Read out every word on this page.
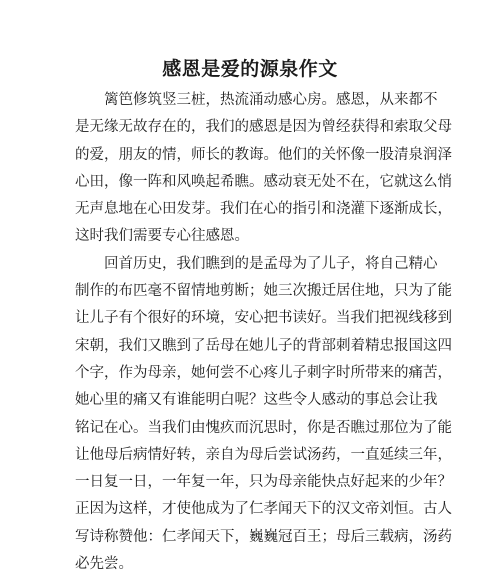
感恩是爱的源泉作文
篱笆修筑竖三桩，热流涌动感心房。感恩，从来都不
是无缘无故存在的，我们的感恩是因为曾经获得和索取父母
的爱，朋友的情，师长的教诲。他们的关怀像一股清泉润泽
心田，像一阵和风唤起希瞧。感动衰无处不在，它就这么悄
无声息地在心田发芽。我们在心的指引和浇灌下逐渐成长，
这时我们需要专心往感恩。
回首历史，我们瞧到的是孟母为了儿子，将自己精心
制作的布匹毫不留情地剪断；她三次搬迁居住地，只为了能
让儿子有个很好的环境，安心把书读好。当我们把视线移到
宋朝，我们又瞧到了岳母在她儿子的背部刺着精忠报国这四
个字，作为母亲，她何尝不心疼儿子刺字时所带来的痛苦，
她心里的痛又有谁能明白呢？这些令人感动的事总会让我
铭记在心。当我们由愧疚而沉思时，你是否瞧过那位为了能
让他母后病情好转，亲自为母后尝试汤药，一直延续三年，
一日复一日，一年复一年，只为母亲能快点好起来的少年？
正因为这样，才使他成为了仁孝闻天下的汉文帝刘恒。古人
写诗称赞他：仁孝闻天下，巍巍冠百王；母后三载病，汤药
必先尝。
